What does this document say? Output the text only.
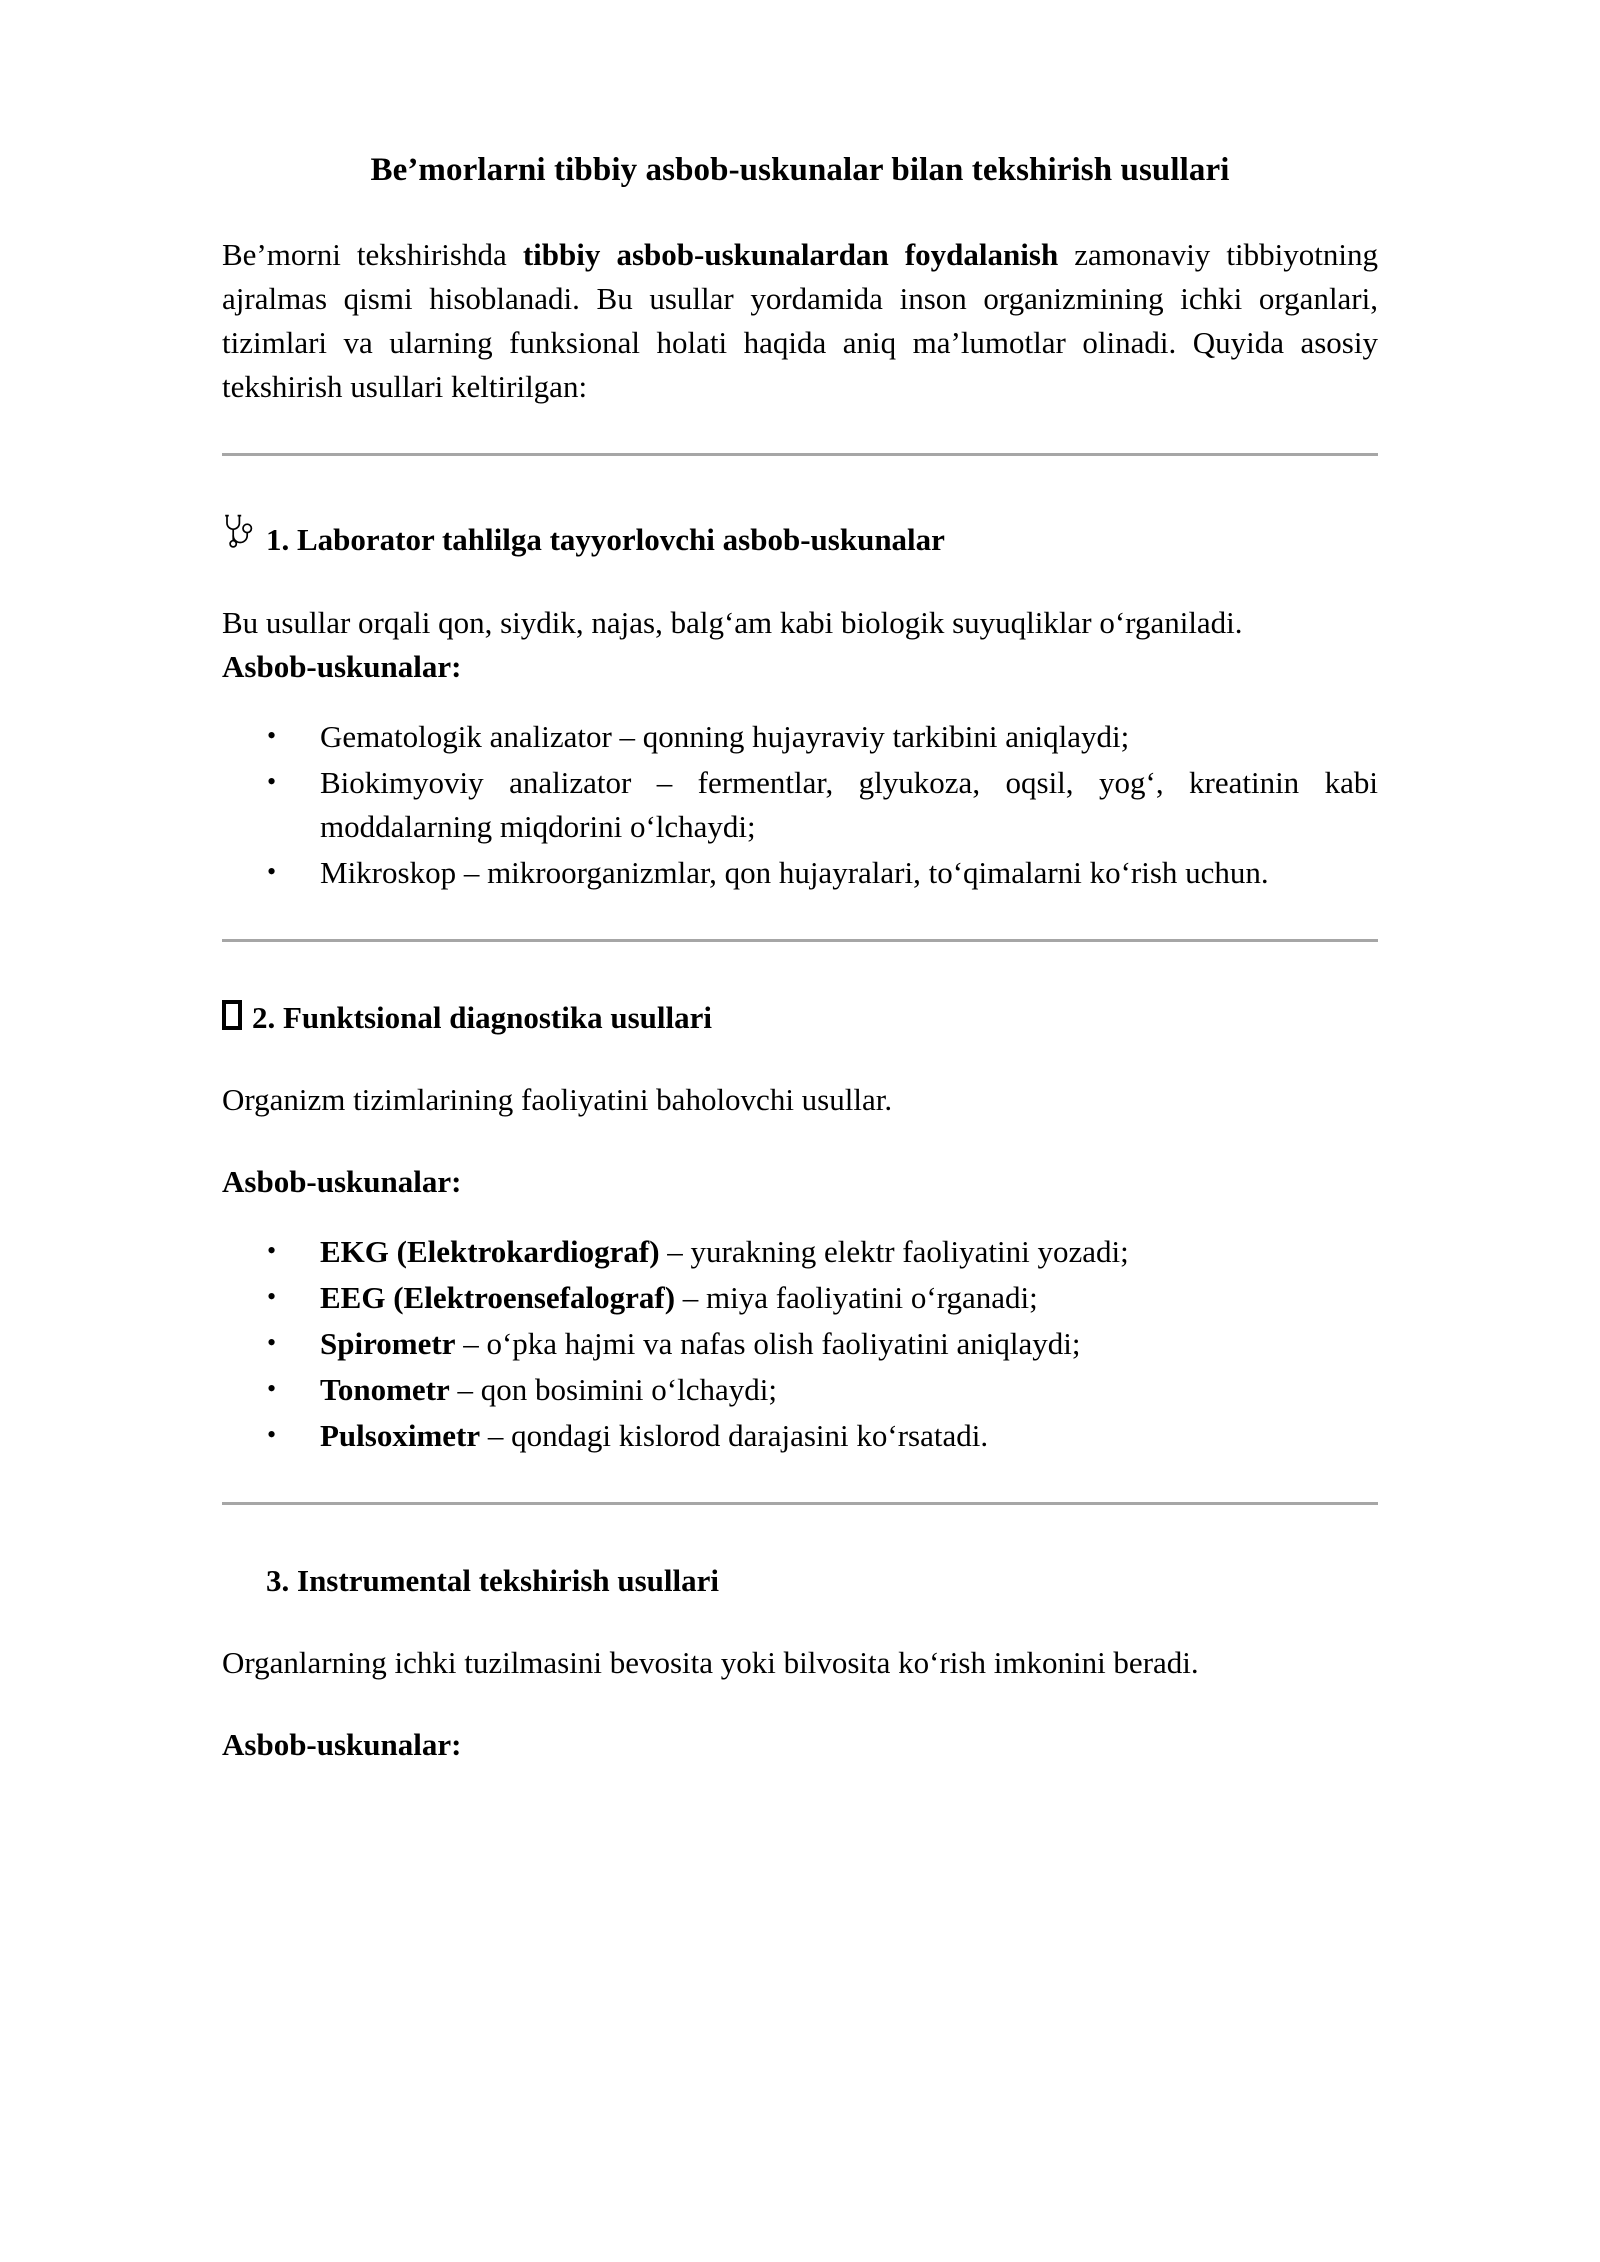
Be’morlarni tibbiy asbob-uskunalar bilan tekshirish usullari

Be’morni tekshirishda tibbiy asbob-uskunalardan foydalanish zamonaviy tibbiyotning ajralmas qismi hisoblanadi. Bu usullar yordamida inson organizmining ichki organlari, tizimlari va ularning funksional holati haqida aniq ma’lumotlar olinadi. Quyida asosiy tekshirish usullari keltirilgan:

1. Laborator tahlilga tayyorlovchi asbob-uskunalar

Bu usullar orqali qon, siydik, najas, balg‘am kabi biologik suyuqliklar o‘rganiladi.

Asbob-uskunalar:

• Gematologik analizator – qonning hujayraviy tarkibini aniqlaydi;
• Biokimyoviy analizator – fermentlar, glyukoza, oqsil, yog‘, kreatinin kabi moddalarning miqdorini o‘lchaydi;
• Mikroskop – mikroorganizmlar, qon hujayralari, to‘qimalarni ko‘rish uchun.
2. Funktsional diagnostika usullari

Organizm tizimlarining faoliyatini baholovchi usullar.

Asbob-uskunalar:

• EKG (Elektrokardiograf) – yurakning elektr faoliyatini yozadi;
• EEG (Elektroensefalograf) – miya faoliyatini o‘rganadi;
• Spirometr – o‘pka hajmi va nafas olish faoliyatini aniqlaydi;
• Tonometr – qon bosimini o‘lchaydi;
• Pulsoximetr – qondagi kislorod darajasini ko‘rsatadi.
3. Instrumental tekshirish usullari

Organlarning ichki tuzilmasini bevosita yoki bilvosita ko‘rish imkonini beradi.

Asbob-uskunalar:
